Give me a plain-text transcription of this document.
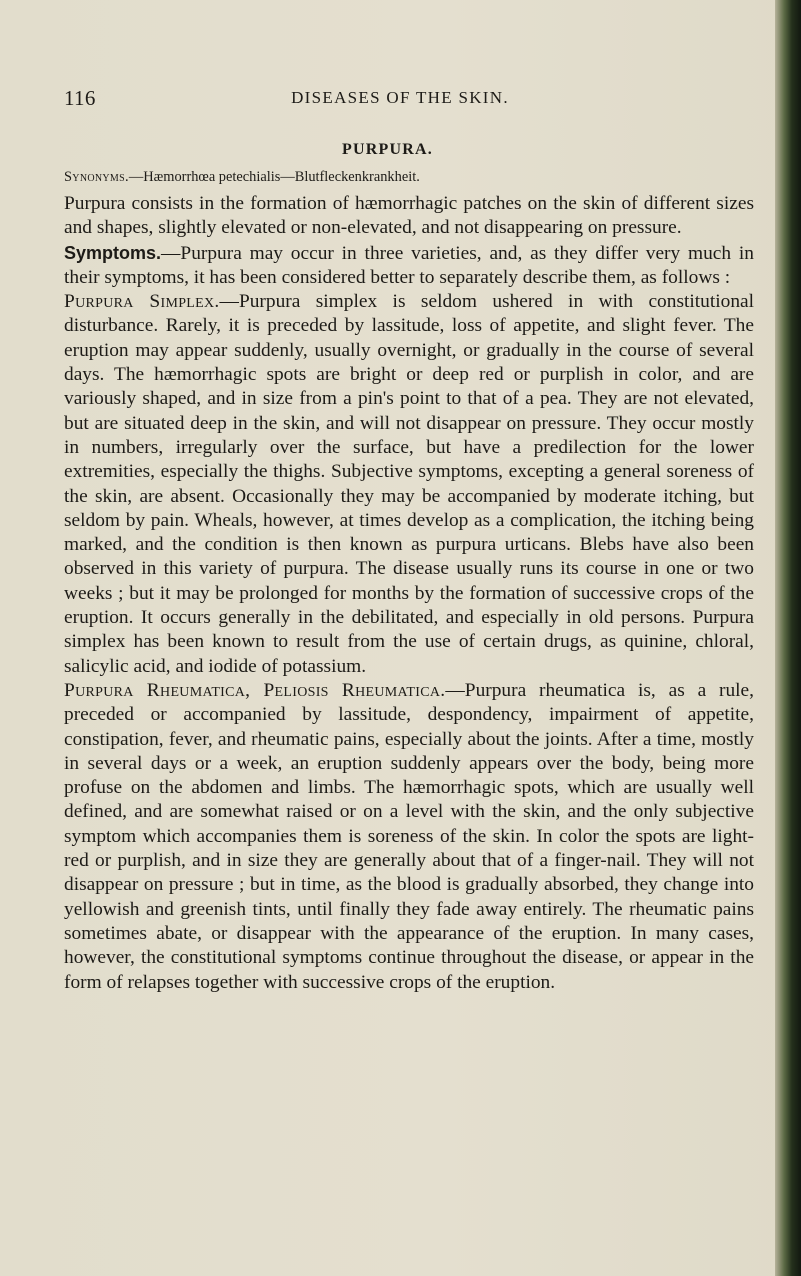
116	DISEASES OF THE SKIN.
PURPURA.
Synonyms.—Hæmorrhœa petechialis—Blutfleckenkrankheit.

Purpura consists in the formation of hæmorrhagic patches on the skin of different sizes and shapes, slightly elevated or non-elevated, and not disappearing on pressure.

Symptoms.—Purpura may occur in three varieties, and, as they differ very much in their symptoms, it has been considered better to separately describe them, as follows :

Purpura Simplex.—Purpura simplex is seldom ushered in with constitutional disturbance. Rarely, it is preceded by lassitude, loss of appetite, and slight fever. The eruption may appear suddenly, usually overnight, or gradually in the course of several days. The hæmorrhagic spots are bright or deep red or purplish in color, and are variously shaped, and in size from a pin's point to that of a pea. They are not elevated, but are situated deep in the skin, and will not disappear on pressure. They occur mostly in numbers, irregularly over the surface, but have a predilection for the lower extremities, especially the thighs. Subjective symptoms, excepting a general soreness of the skin, are absent. Occasionally they may be accompanied by moderate itching, but seldom by pain. Wheals, however, at times develop as a complication, the itching being marked, and the condition is then known as purpura urticans. Blebs have also been observed in this variety of purpura. The disease usually runs its course in one or two weeks ; but it may be prolonged for months by the formation of successive crops of the eruption. It occurs generally in the debilitated, and especially in old persons. Purpura simplex has been known to result from the use of certain drugs, as quinine, chloral, salicylic acid, and iodide of potassium.

Purpura Rheumatica, Peliosis Rheumatica.—Purpura rheumatica is, as a rule, preceded or accompanied by lassitude, despondency, impairment of appetite, constipation, fever, and rheumatic pains, especially about the joints. After a time, mostly in several days or a week, an eruption suddenly appears over the body, being more profuse on the abdomen and limbs. The hæmorrhagic spots, which are usually well defined, and are somewhat raised or on a level with the skin, and the only subjective symptom which accompanies them is soreness of the skin. In color the spots are light-red or purplish, and in size they are generally about that of a finger-nail. They will not disappear on pressure ; but in time, as the blood is gradually absorbed, they change into yellowish and greenish tints, until finally they fade away entirely. The rheumatic pains sometimes abate, or disappear with the appearance of the eruption. In many cases, however, the constitutional symptoms continue throughout the disease, or appear in the form of relapses together with successive crops of the eruption.
